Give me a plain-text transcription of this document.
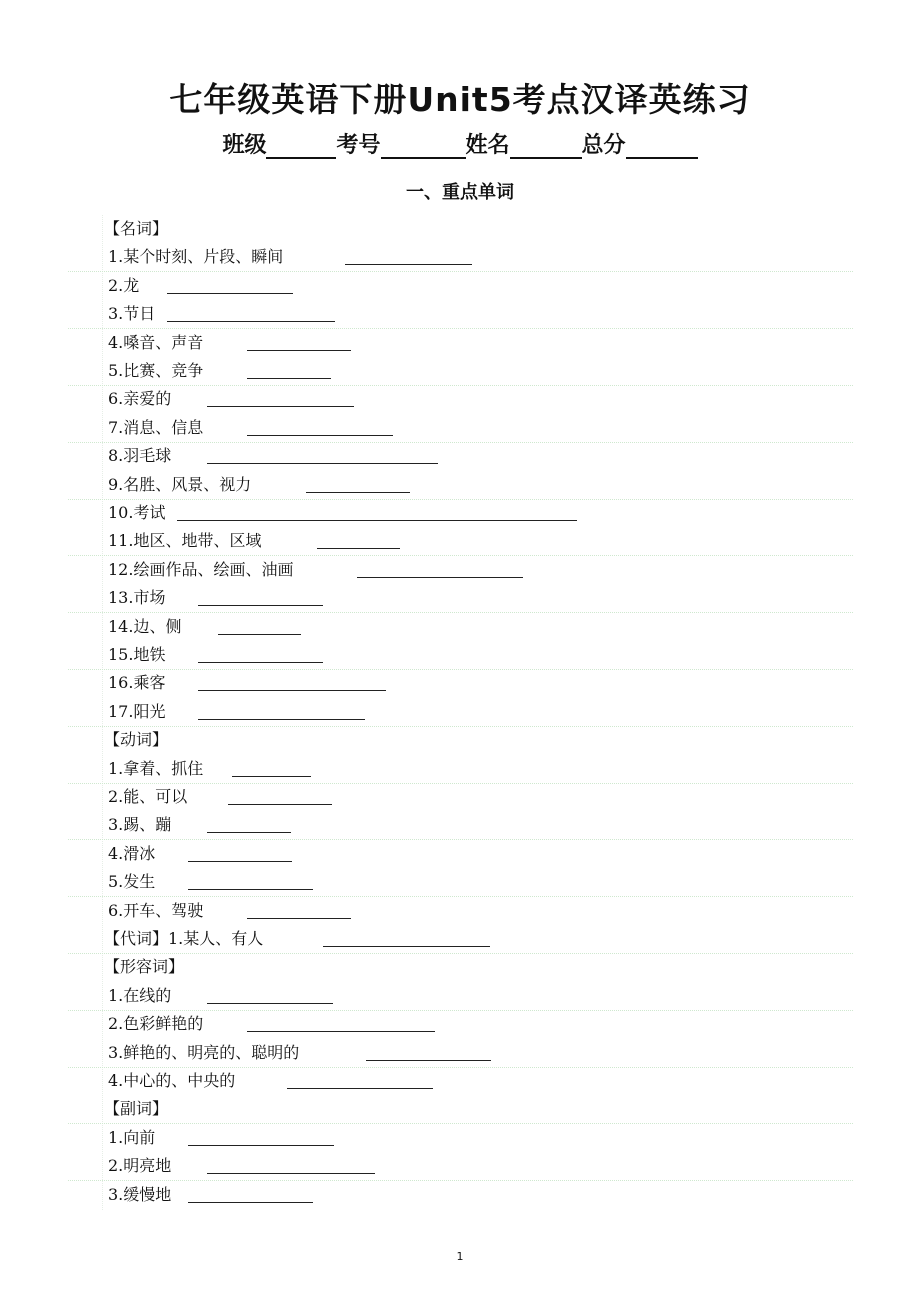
七年级英语下册Unit5考点汉译英练习
班级	考号	姓名	总分
一、重点单词
【名词】
1.某个时刻、片段、瞬间
2.龙
3.节日
4.嗓音、声音
5.比赛、竞争
6.亲爱的
7.消息、信息
8.羽毛球
9.名胜、风景、视力
10.考试
11.地区、地带、区域
12.绘画作品、绘画、油画
13.市场
14.边、侧
15.地铁
16.乘客
17.阳光
【动词】
1.拿着、抓住
2.能、可以
3.踢、蹦
4.滑冰
5.发生
6.开车、驾驶
【代词】1.某人、有人
【形容词】
1.在线的
2.色彩鲜艳的
3.鲜艳的、明亮的、聪明的
4.中心的、中央的
【副词】
1.向前
2.明亮地
3.缓慢地
1
